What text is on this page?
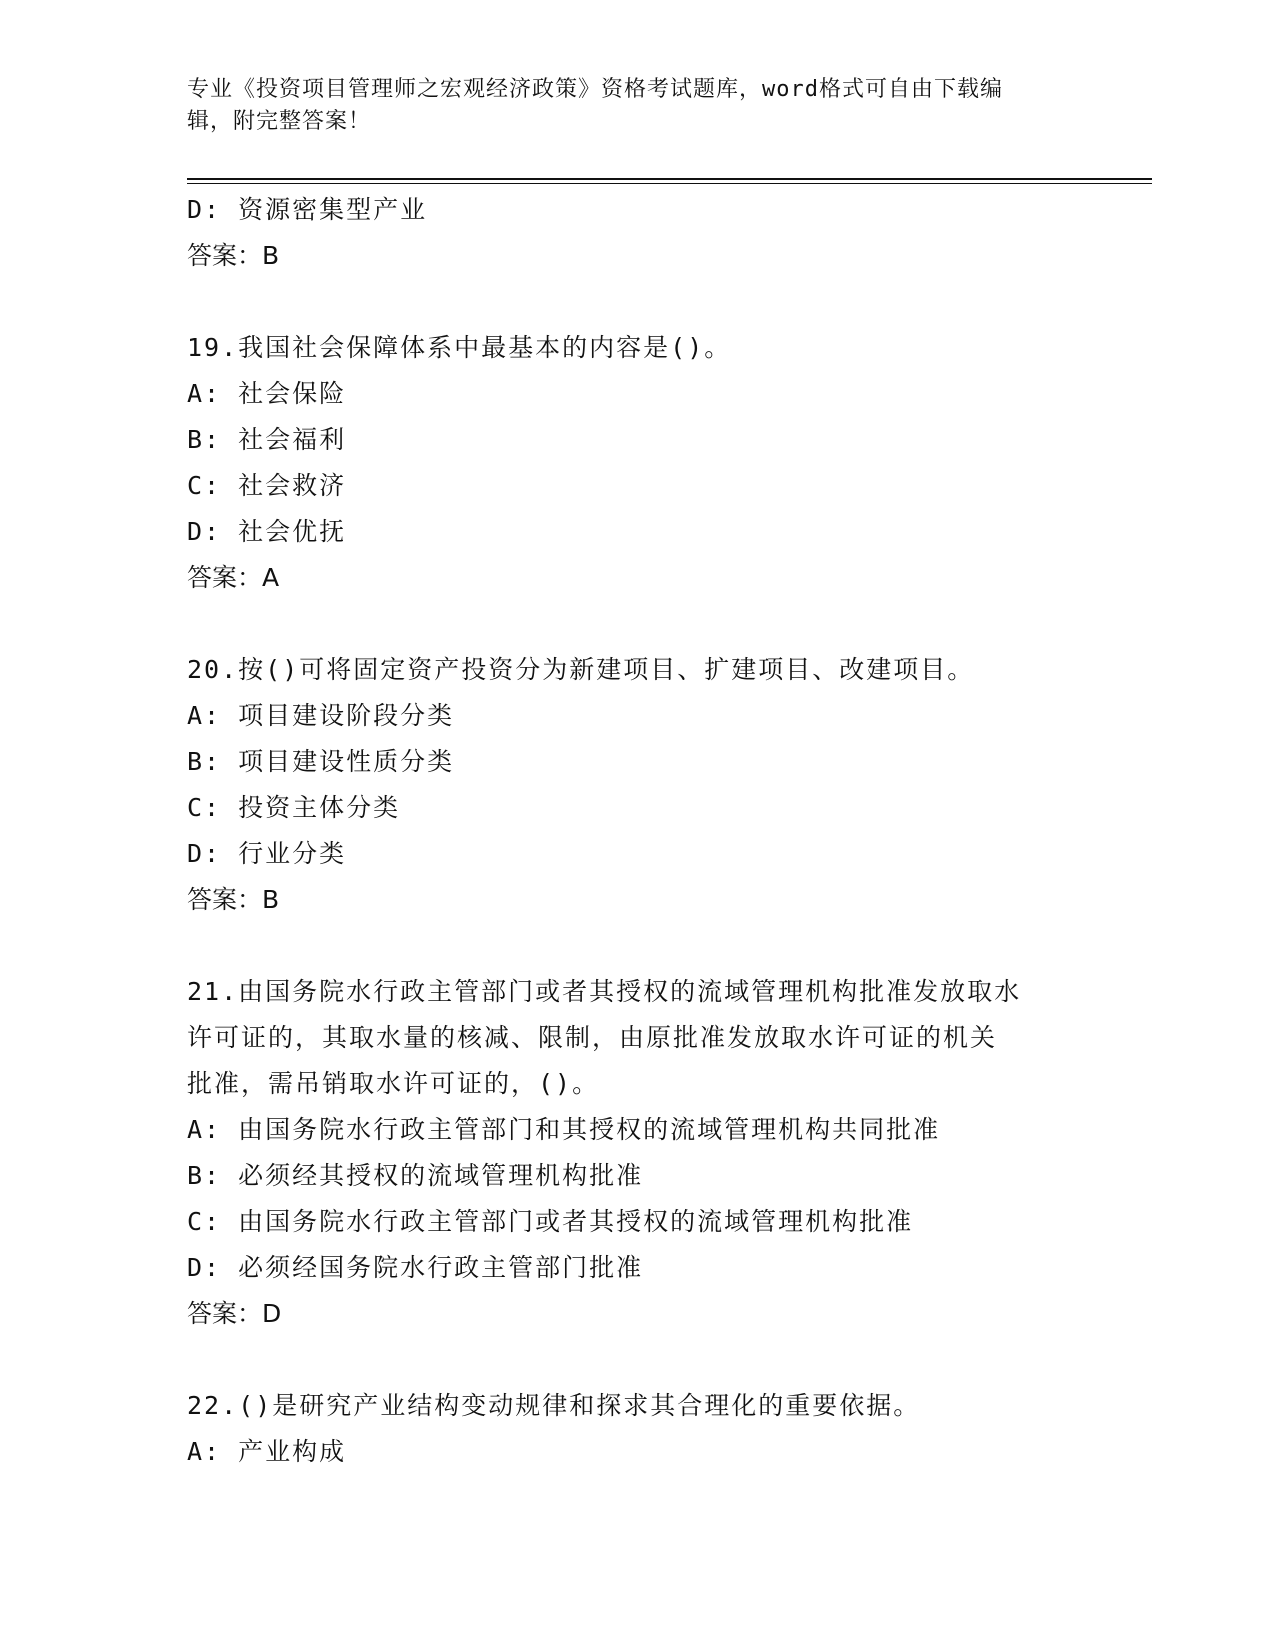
专业《投资项目管理师之宏观经济政策》资格考试题库，word格式可自由下载编
辑，附完整答案！
D: 资源密集型产业
答案：B
19.我国社会保障体系中最基本的内容是()。
A: 社会保险
B: 社会福利
C: 社会救济
D: 社会优抚
答案：A
20.按()可将固定资产投资分为新建项目、扩建项目、改建项目。
A: 项目建设阶段分类
B: 项目建设性质分类
C: 投资主体分类
D: 行业分类
答案：B
21.由国务院水行政主管部门或者其授权的流域管理机构批准发放取水
许可证的，其取水量的核减、限制，由原批准发放取水许可证的机关
批准，需吊销取水许可证的，()。
A: 由国务院水行政主管部门和其授权的流域管理机构共同批准
B: 必须经其授权的流域管理机构批准
C: 由国务院水行政主管部门或者其授权的流域管理机构批准
D: 必须经国务院水行政主管部门批准
答案：D
22.()是研究产业结构变动规律和探求其合理化的重要依据。
A: 产业构成
